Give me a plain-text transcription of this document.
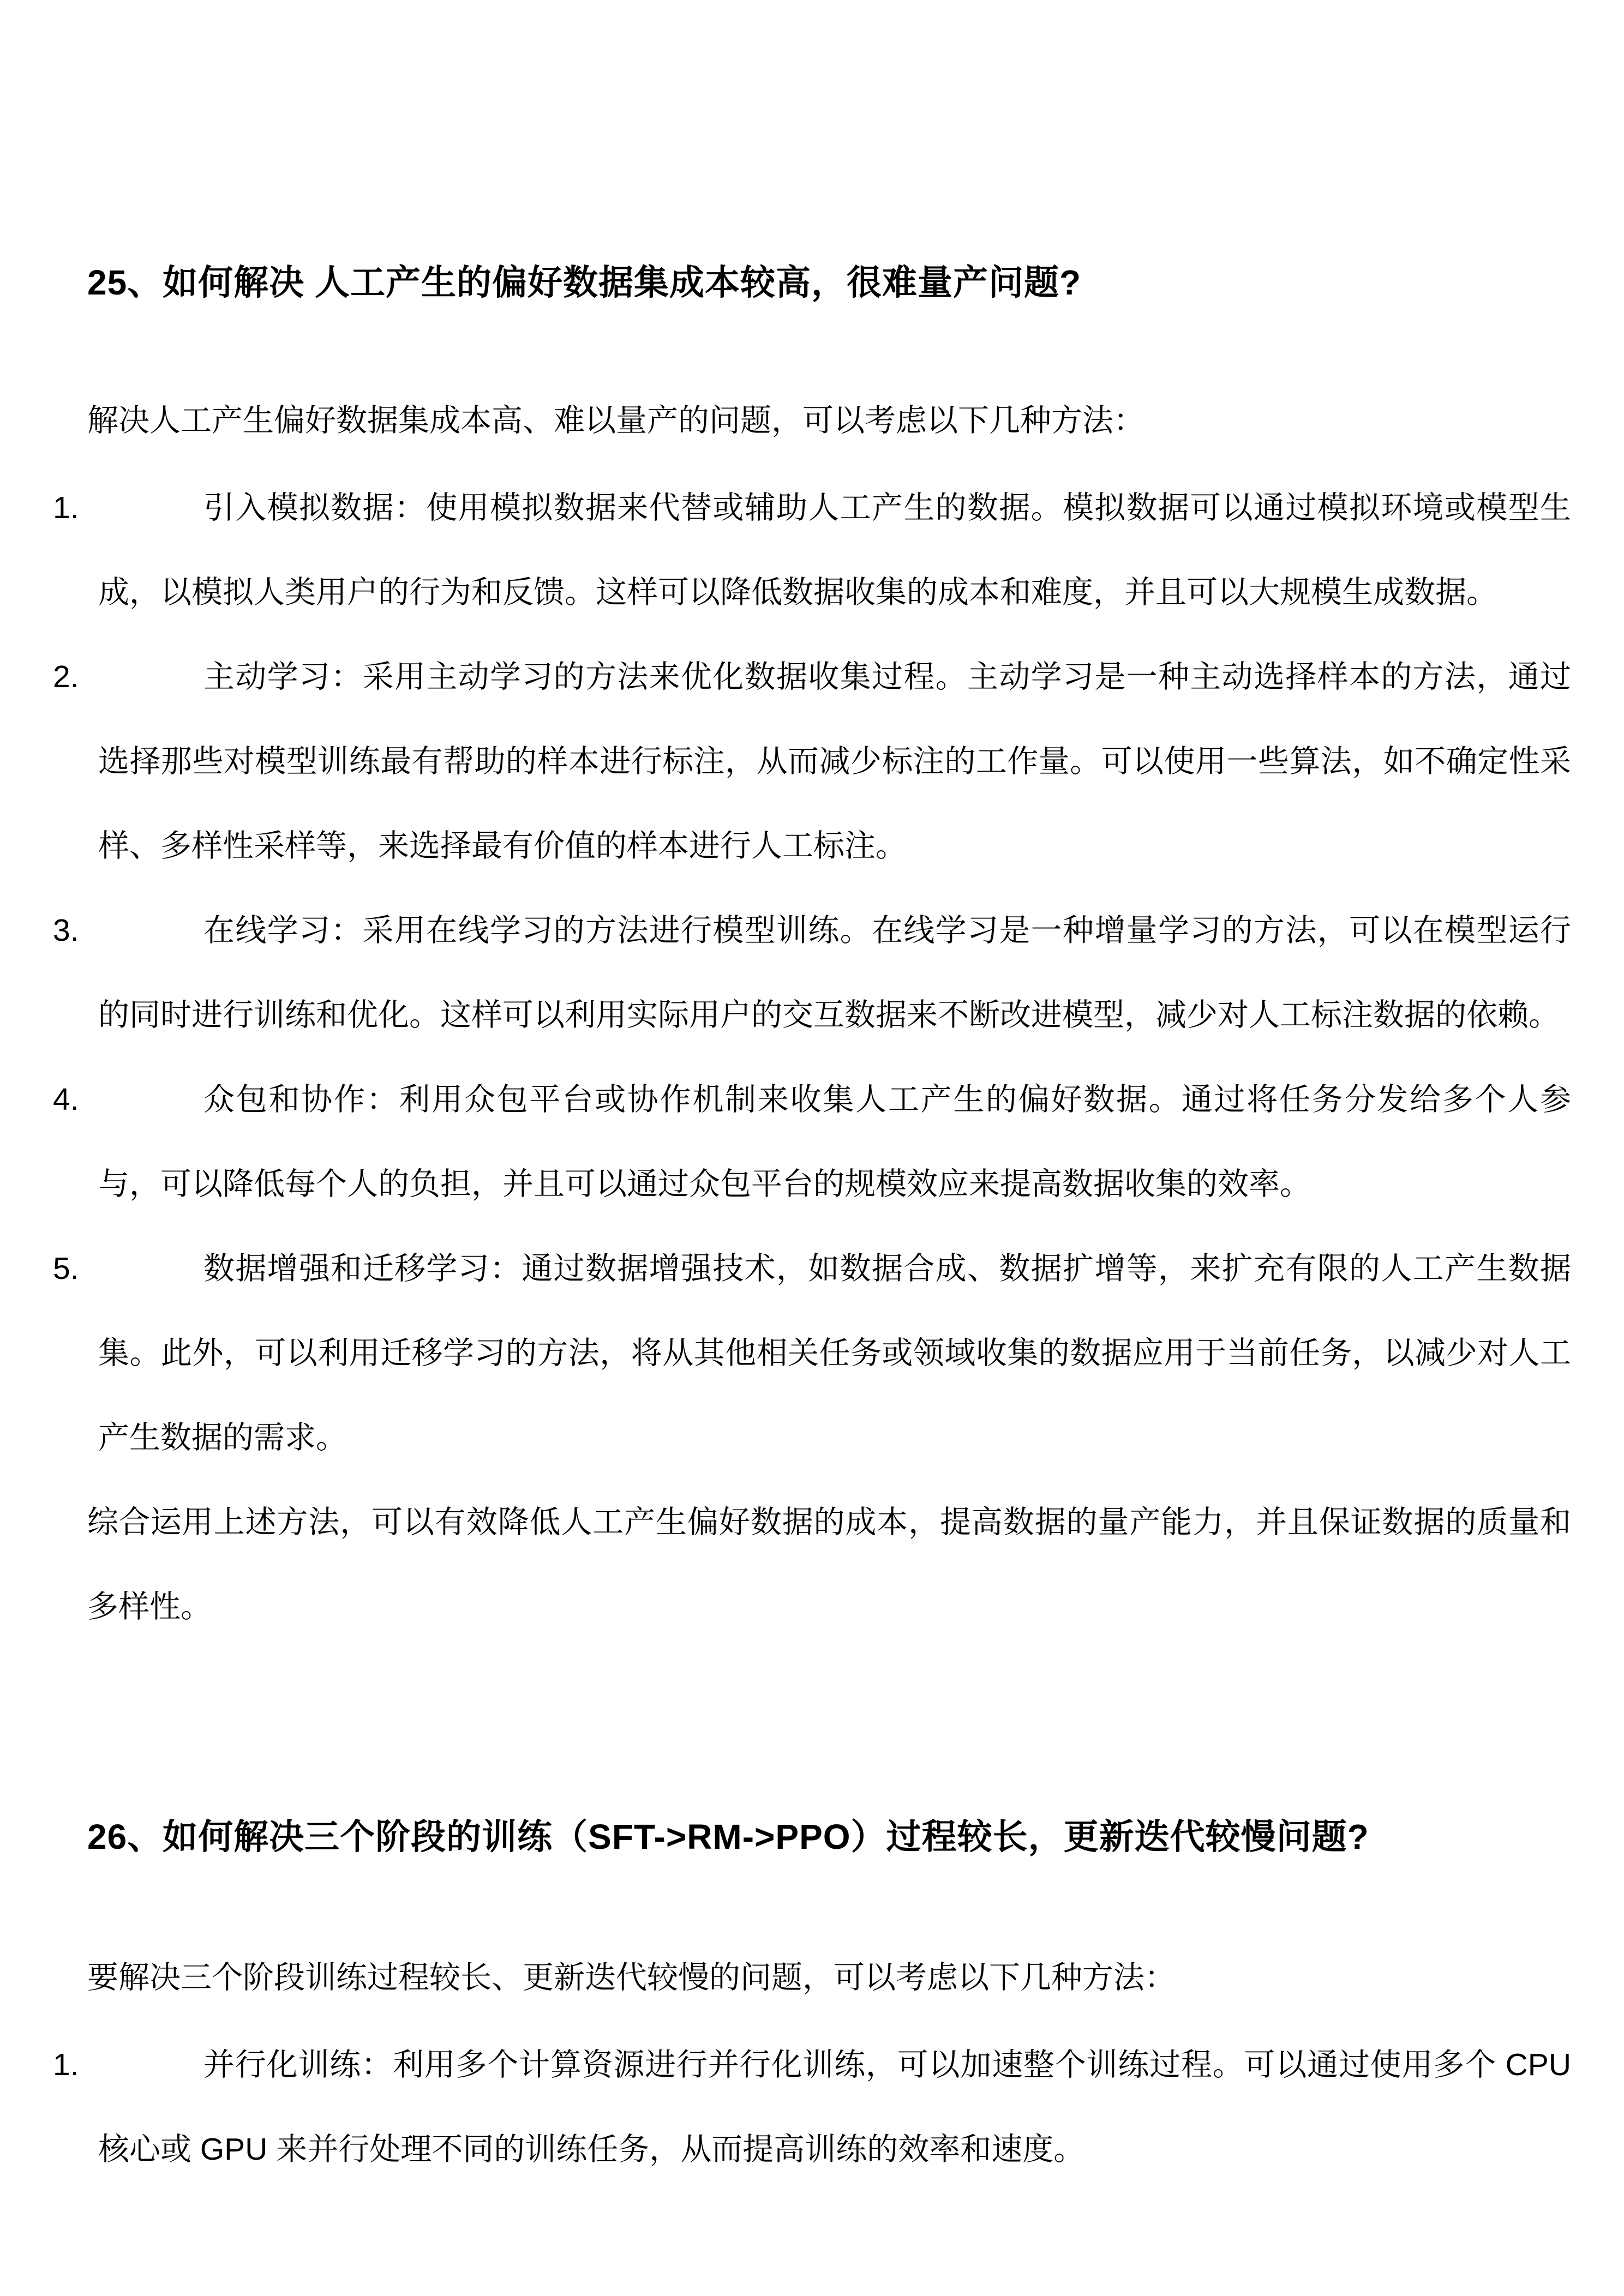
25、如何解决 人工产生的偏好数据集成本较高，很难量产问题?

解决人工产生偏好数据集成本高、难以量产的问题，可以考虑以下几种方法：

1.	引入模拟数据：使用模拟数据来代替或辅助人工产生的数据。模拟数据可以通过模拟环境或模型生成，以模拟人类用户的行为和反馈。这样可以降低数据收集的成本和难度，并且可以大规模生成数据。
2.	主动学习：采用主动学习的方法来优化数据收集过程。主动学习是一种主动选择样本的方法，通过选择那些对模型训练最有帮助的样本进行标注，从而减少标注的工作量。可以使用一些算法，如不确定性采样、多样性采样等，来选择最有价值的样本进行人工标注。
3.	在线学习：采用在线学习的方法进行模型训练。在线学习是一种增量学习的方法，可以在模型运行的同时进行训练和优化。这样可以利用实际用户的交互数据来不断改进模型，减少对人工标注数据的依赖。
4.	众包和协作：利用众包平台或协作机制来收集人工产生的偏好数据。通过将任务分发给多个人参与，可以降低每个人的负担，并且可以通过众包平台的规模效应来提高数据收集的效率。
5.	数据增强和迁移学习：通过数据增强技术，如数据合成、数据扩增等，来扩充有限的人工产生数据集。此外，可以利用迁移学习的方法，将从其他相关任务或领域收集的数据应用于当前任务，以减少对人工产生数据的需求。

综合运用上述方法，可以有效降低人工产生偏好数据的成本，提高数据的量产能力，并且保证数据的质量和多样性。

26、如何解决三个阶段的训练（SFT->RM->PPO）过程较长，更新迭代较慢问题?

要解决三个阶段训练过程较长、更新迭代较慢的问题，可以考虑以下几种方法：

1.	并行化训练：利用多个计算资源进行并行化训练，可以加速整个训练过程。可以通过使用多个 CPU 核心或 GPU 来并行处理不同的训练任务，从而提高训练的效率和速度。
